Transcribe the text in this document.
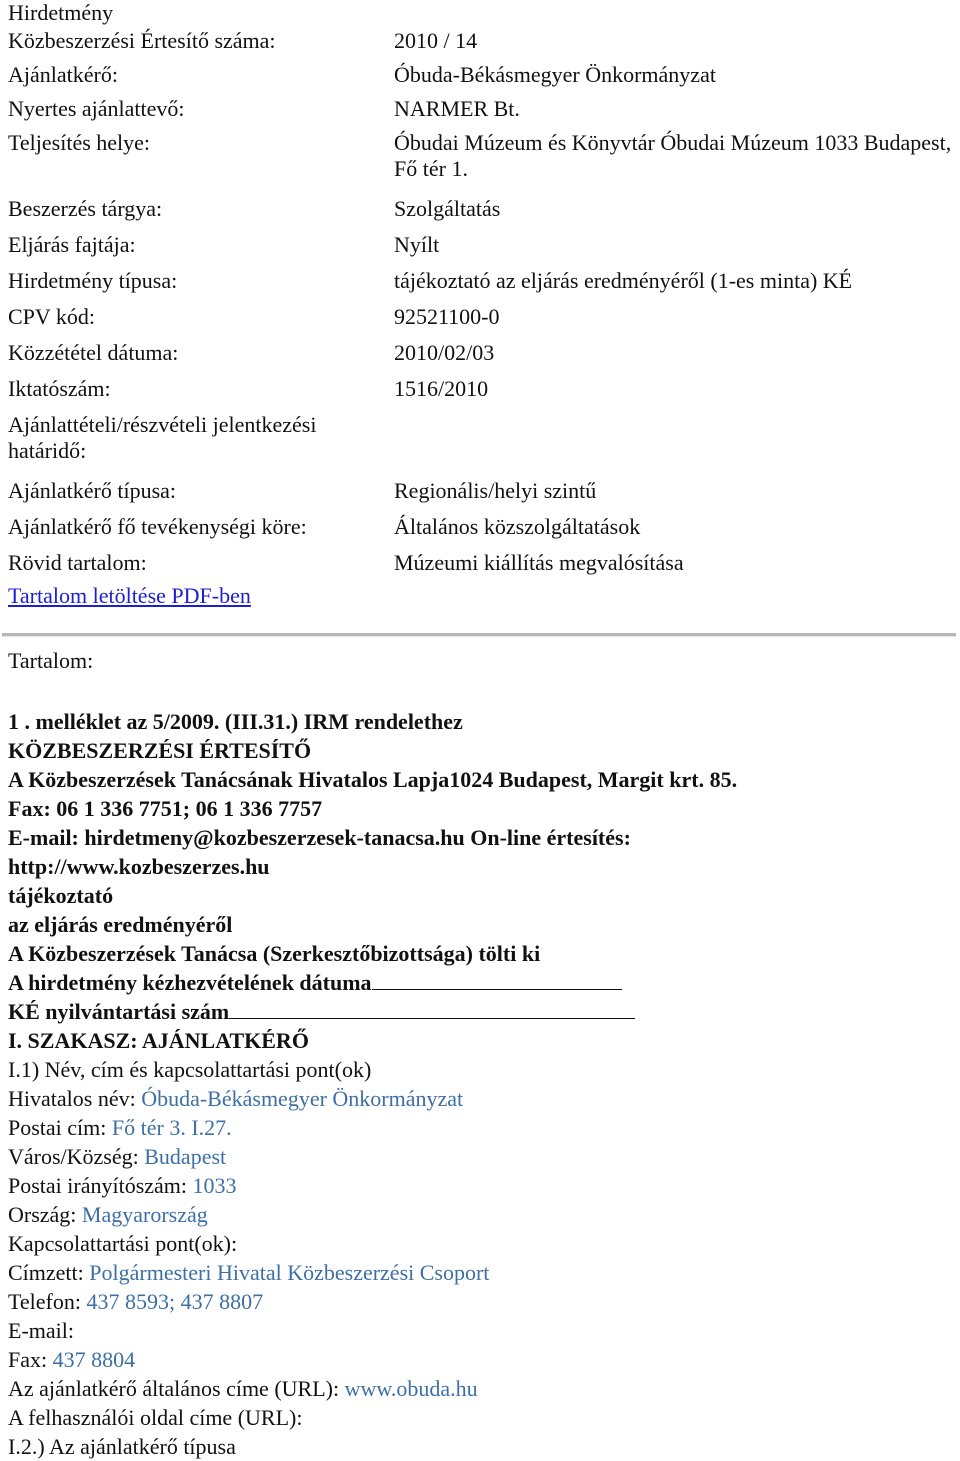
Hirdetmény
Közbeszerzési Értesítő száma:	2010 / 14
Ajánlatkérő:	Óbuda-Békásmegyer Önkormányzat
Nyertes ajánlattevő:	NARMER Bt.
Teljesítés helye:	Óbudai Múzeum és Könyvtár Óbudai Múzeum 1033 Budapest, Fő tér 1.
Beszerzés tárgya:	Szolgáltatás
Eljárás fajtája:	Nyílt
Hirdetmény típusa:	tájékoztató az eljárás eredményéről (1-es minta) KÉ
CPV kód:	92521100-0
Közzététel dátuma:	2010/02/03
Iktatószám:	1516/2010
Ajánlattételi/részvételi jelentkezési határidő:	
Ajánlatkérő típusa:	Regionális/helyi szintű
Ajánlatkérő fő tevékenységi köre:	Általános közszolgáltatások
Rövid tartalom:	Múzeumi kiállítás megvalósítása
Tartalom letöltése PDF-ben
Tartalom:
1 . melléklet az 5/2009. (III.31.) IRM rendelethez
KÖZBESZERZÉSI ÉRTESÍTŐ
A Közbeszerzések Tanácsának Hivatalos Lapja1024 Budapest, Margit krt. 85.
Fax: 06 1 336 7751; 06 1 336 7757
E-mail: hirdetmeny@kozbeszerzesek-tanacsa.hu On-line értesítés:
http://www.kozbeszerzes.hu
tájékoztató
az eljárás eredményéről
A Közbeszerzések Tanácsa (Szerkesztőbizottsága) tölti ki
A hirdetmény kézhezvételének dátuma
KÉ nyilvántartási szám
I. SZAKASZ: AJÁNLATKÉRŐ
I.1) Név, cím és kapcsolattartási pont(ok)
Hivatalos név: Óbuda-Békásmegyer Önkormányzat
Postai cím: Fő tér 3. I.27.
Város/Község: Budapest
Postai irányítószám: 1033
Ország: Magyarország
Kapcsolattartási pont(ok):
Címzett: Polgármesteri Hivatal Közbeszerzési Csoport
Telefon: 437 8593; 437 8807
E-mail:
Fax: 437 8804
Az ajánlatkérő általános címe (URL): www.obuda.hu
A felhasználói oldal címe (URL):
I.2.) Az ajánlatkérő típusa
